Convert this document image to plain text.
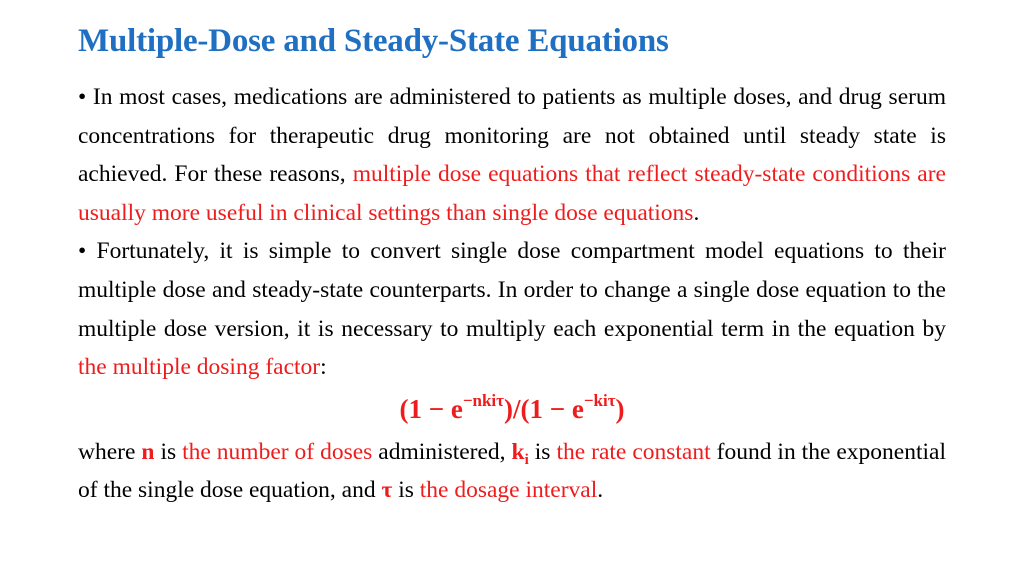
Multiple-Dose and Steady-State Equations

• In most cases, medications are administered to patients as multiple doses, and drug serum concentrations for therapeutic drug monitoring are not obtained until steady state is achieved. For these reasons, multiple dose equations that reflect steady-state conditions are usually more useful in clinical settings than single dose equations.

• Fortunately, it is simple to convert single dose compartment model equations to their multiple dose and steady-state counterparts. In order to change a single dose equation to the multiple dose version, it is necessary to multiply each exponential term in the equation by the multiple dosing factor:

$(1 - e^{-nki\tau})/(1 - e^{-ki\tau})$

where n is the number of doses administered, $k_i$ is the rate constant found in the exponential of the single dose equation, and τ is the dosage interval.
